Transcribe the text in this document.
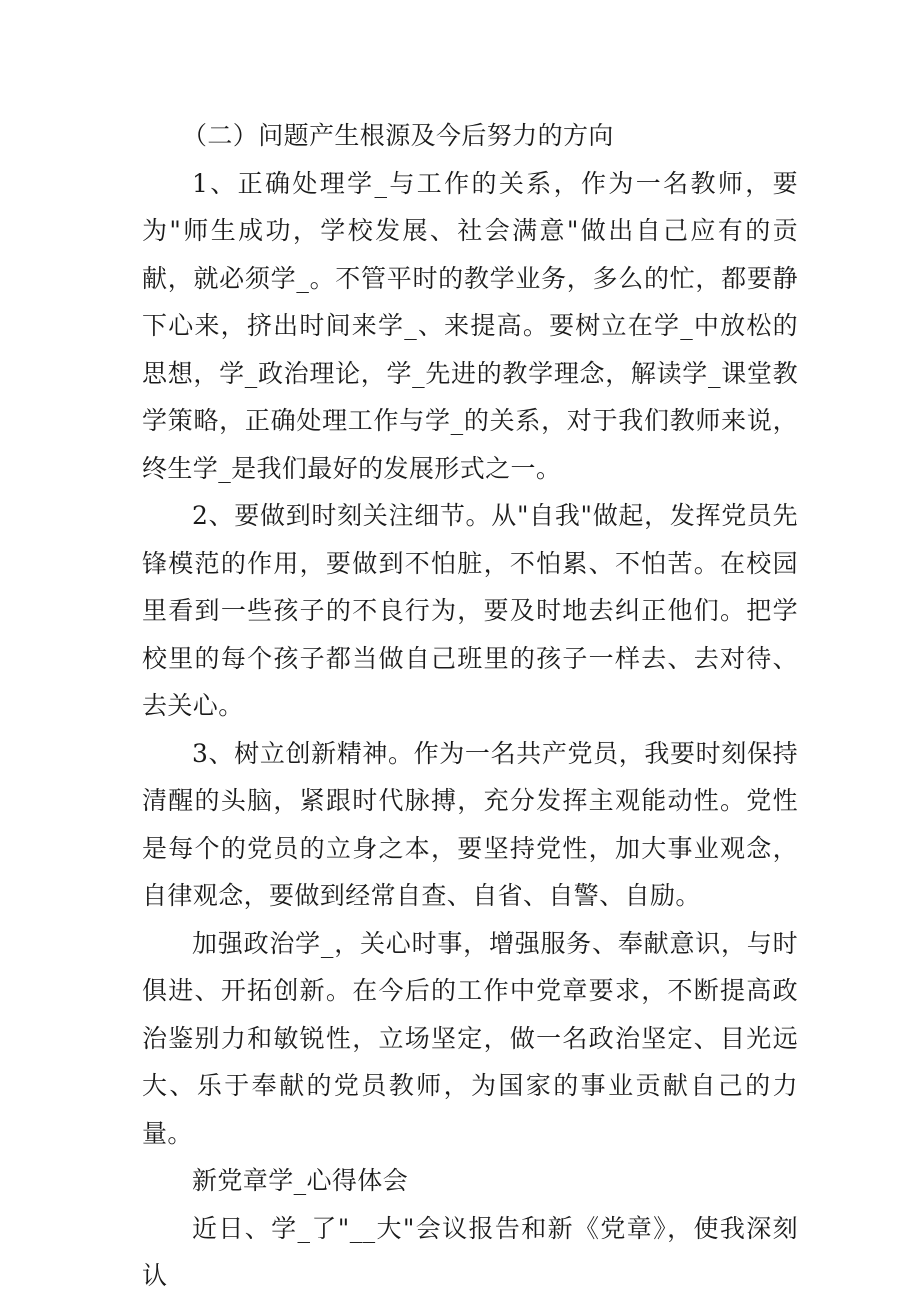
（二）问题产生根源及今后努力的方向

1、正确处理学_与工作的关系，作为一名教师，要为"师生成功，学校发展、社会满意"做出自己应有的贡献，就必须学_。不管平时的教学业务，多么的忙，都要静下心来，挤出时间来学_、来提高。要树立在学_中放松的思想，学_政治理论，学_先进的教学理念，解读学_课堂教学策略，正确处理工作与学_的关系，对于我们教师来说，终生学_是我们最好的发展形式之一。

2、要做到时刻关注细节。从"自我"做起，发挥党员先锋模范的作用，要做到不怕脏，不怕累、不怕苦。在校园里看到一些孩子的不良行为，要及时地去纠正他们。把学校里的每个孩子都当做自己班里的孩子一样去、去对待、去关心。

3、树立创新精神。作为一名共产党员，我要时刻保持清醒的头脑，紧跟时代脉搏，充分发挥主观能动性。党性是每个的党员的立身之本，要坚持党性，加大事业观念，自律观念，要做到经常自查、自省、自警、自励。

加强政治学_，关心时事，增强服务、奉献意识，与时俱进、开拓创新。在今后的工作中党章要求，不断提高政治鉴别力和敏锐性，立场坚定，做一名政治坚定、目光远大、乐于奉献的党员教师，为国家的事业贡献自己的力量。

新党章学_心得体会

近日、学_了"__大"会议报告和新《党章》，使我深刻认
